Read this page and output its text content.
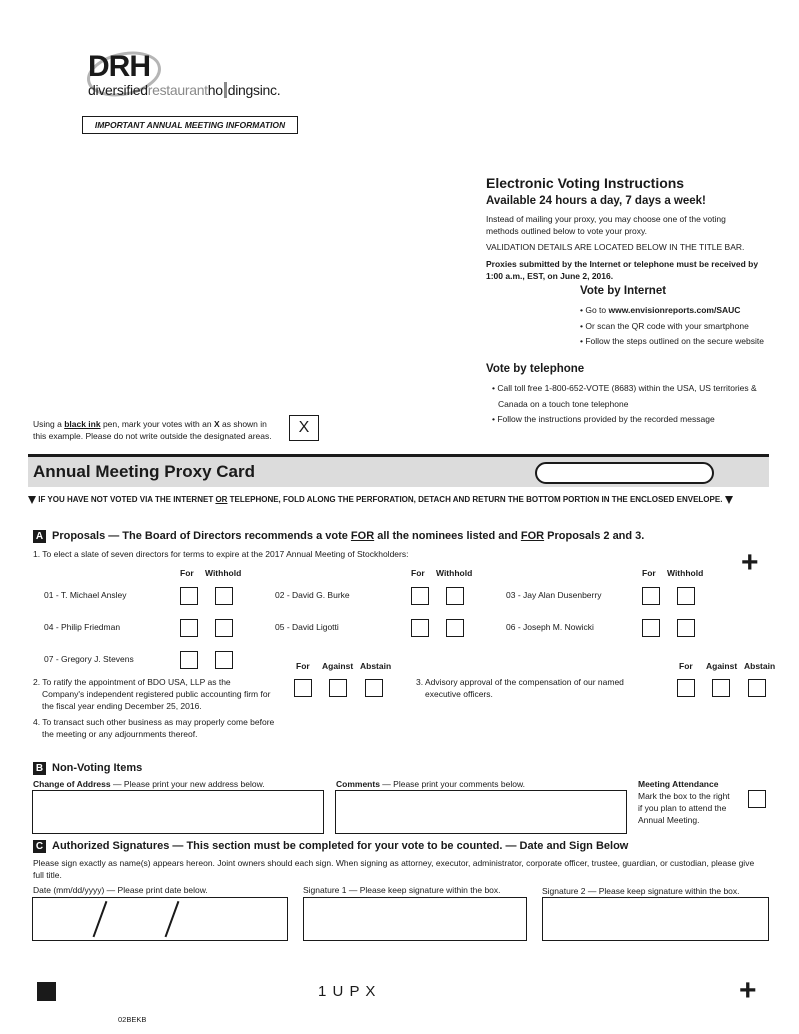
DRH
diversifiedrestaurantho dingsinc.
IMPORTANT ANNUAL MEETING INFORMATION
Electronic Voting Instructions
Available 24 hours a day, 7 days a week!
Instead of mailing your proxy, you may choose one of the voting
methods outlined below to vote your proxy.
VALIDATION DETAILS ARE LOCATED BELOW IN THE TITLE BAR.
Proxies submitted by the Internet or telephone must be received by
1:00 a.m., EST, on June 2, 2016.
Vote by Internet
• Go to www.envisionreports.com/SAUC
• Or scan the QR code with your smartphone
• Follow the steps outlined on the secure website
Vote by telephone
• Call toll free 1-800-652-VOTE (8683) within the USA, US territories &
Canada on a touch tone telephone
• Follow the instructions provided by the recorded message
Using a black ink pen, mark your votes with an X as shown in
this example. Please do not write outside the designated areas.	X
Annual Meeting Proxy Card
IF YOU HAVE NOT VOTED VIA THE INTERNET OR TELEPHONE, FOLD ALONG THE PERFORATION, DETACH AND RETURN THE BOTTOM PORTION IN THE ENCLOSED ENVELOPE.
A Proposals — The Board of Directors recommends a vote FOR all the nominees listed and FOR Proposals 2 and 3.
1. To elect a slate of seven directors for terms to expire at the 2017 Annual Meeting of Stockholders:	+
For Withhold	For Withhold	For Withhold
01 - T. Michael Ansley	02 - David G. Burke	03 - Jay Alan Dusenberry
04 - Philip Friedman	05 - David Ligotti	06 - Joseph M. Nowicki
07 - Gregory J. Stevens
For Against Abstain	For Against Abstain
2. To ratify the appointment of BDO USA, LLP as the
Company's independent registered public accounting firm for
the fiscal year ending December 25, 2016.
3. Advisory approval of the compensation of our named
executive officers.
4. To transact such other business as may properly come before
the meeting or any adjournments thereof.
B Non-Voting Items
Change of Address — Please print your new address below.	Comments — Please print your comments below.	Meeting Attendance
Mark the box to the right
if you plan to attend the
Annual Meeting.
C Authorized Signatures — This section must be completed for your vote to be counted. — Date and Sign Below
Please sign exactly as name(s) appears hereon. Joint owners should each sign. When signing as attorney, executor, administrator, corporate officer, trustee, guardian, or custodian, please give
full title.
Date (mm/dd/yyyy) — Please print date below.	Signature 1 — Please keep signature within the box.	Signature 2 — Please keep signature within the box.
1 U P X	+
02BEKB
